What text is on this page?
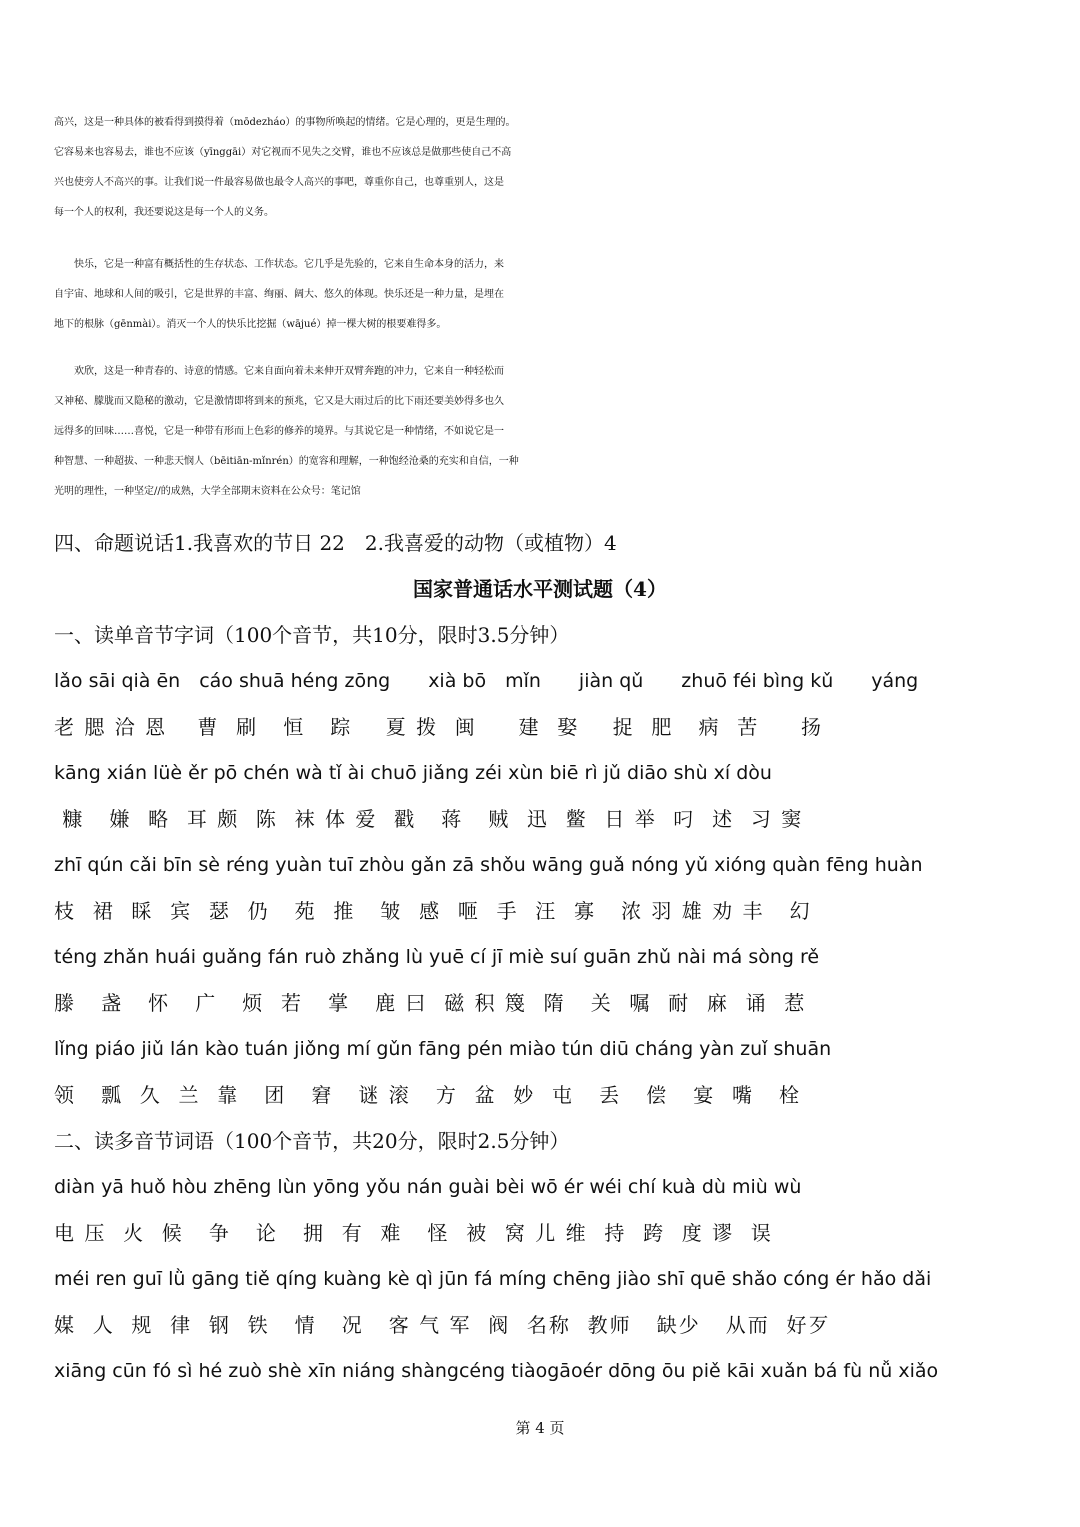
高兴，这是一种具体的被看得到摸得着（mōdezháo）的事物所唤起的情绪。它是心理的，更是生理的。
它容易来也容易去，谁也不应该（yīnggāi）对它视而不见失之交臂，谁也不应该总是做那些使自己不高
兴也使旁人不高兴的事。让我们说一件最容易做也最令人高兴的事吧，尊重你自己，也尊重别人，这是
每一个人的权利，我还要说这是每一个人的义务。
　　快乐，它是一种富有概括性的生存状态、工作状态。它几乎是先验的，它来自生命本身的活力，来
自宇宙、地球和人间的吸引，它是世界的丰富、绚丽、阔大、悠久的体现。快乐还是一种力量，是埋在
地下的根脉（gēnmài）。消灭一个人的快乐比挖掘（wājué）掉一棵大树的根要难得多。
　　欢欣，这是一种青春的、诗意的情感。它来自面向着未来伸开双臂奔跑的冲力，它来自一种轻松而
又神秘、朦胧而又隐秘的激动，它是激情即将到来的预兆，它又是大雨过后的比下雨还要美妙得多也久
远得多的回味……喜悦，它是一种带有形而上色彩的修养的境界。与其说它是一种情绪，不如说它是一
种智慧、一种超拔、一种悲天悯人（bēitiān-mǐnrén）的宽容和理解，一种饱经沧桑的充实和自信，一种
光明的理性，一种坚定//的成熟，大学全部期末资料在公众号：笔记馆

四、命题说话1.我喜欢的节日 22　2.我喜爱的动物（或植物）4

国家普通话水平测试题（4）

一、读单音节字词（100个音节，共10分，限时3.5分钟）

lǎo sāi qià ēn　cáo shuā héng zōng　　xià bō　mǐn　　jiàn qǔ　　zhuō féi bìng kǔ　　yáng

老 腮 洽 恩　 曹  刷   恒   踪    夏 拨  闽     建  娶    捉  肥   病  苦     扬

kāng xián lüè ěr pō chén wà tǐ ài chuō jiǎng zéi xùn biē rì jǔ diāo shù xí dòu

糠   嫌  略  耳 颇  陈  袜 体 爱  戳   蒋   贼  迅  鳖  日 举  叼  述  习 窦

zhī qún cǎi bīn sè réng yuàn tuī zhòu gǎn zā shǒu wāng guǎ nóng yǔ xióng quàn fēng huàn

枝  裙  睬  宾  瑟  仍   苑  推   皱  感  咂  手  汪  寡   浓 羽 雄 劝 丰   幻

téng zhǎn huái guǎng fán ruò zhǎng lù yuē cí jī miè suí guān zhǔ nài má sòng rě

滕   盏   怀   广   烦  若   掌   鹿 曰  磁 积 篾  隋   关  嘱  耐  麻  诵  惹

lǐng piáo jiǔ lán kào tuán jiǒng mí gǔn fāng pén miào tún diū cháng yàn zuǐ shuān

领   瓢  久  兰  靠   团   窘   谜 滚   方  盆  妙  屯   丢   偿   宴  嘴   栓

二、读多音节词语（100个音节，共20分，限时2.5分钟）

diàn yā huǒ hòu zhēng lùn yōng yǒu nán guài bèi wō ér wéi chí kuà dù miù wù

电 压  火  候   争   论   拥  有  难   怪  被  窝 儿 维  持  跨  度 谬  误

méi ren guī lǜ gāng tiě qíng kuàng kè qì jūn fá míng chēng jiào shī quē shǎo cóng ér hǎo dǎi

媒  人  规  律  钢  铁   情   况   客 气 军  阀  名称  教师   缺少   从而  好歹

xiāng cūn fó sì hé zuò shè xīn niáng shàngcéng tiàogāoér dōng ōu piě kāi xuǎn bá fù nǚ xiǎo

第 4 页
